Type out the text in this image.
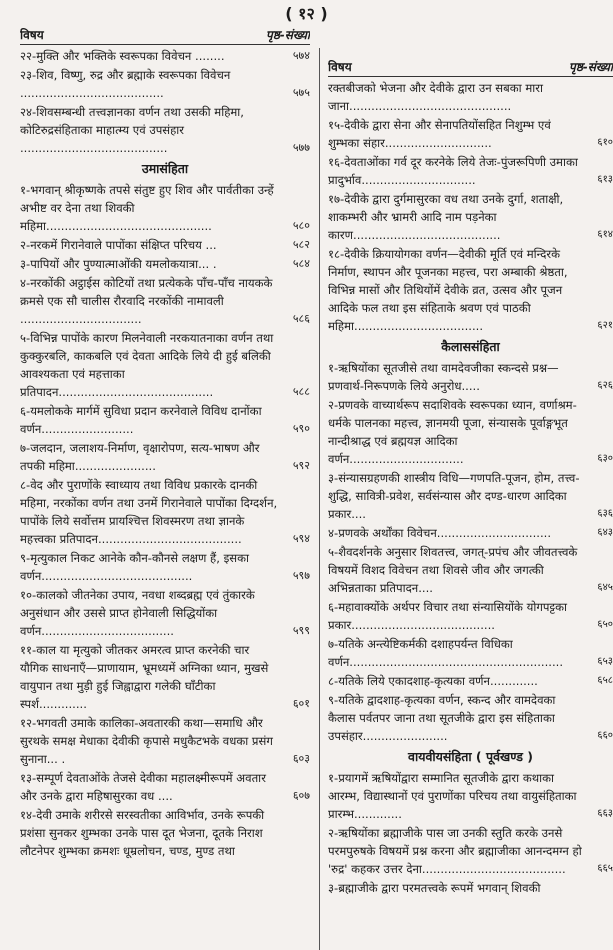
( १२ )
विषय	पृष्ठ-संख्या
२२-मुक्ति और भक्तिके स्वरूपका विवेचन ........	५७४
२३-शिव, विष्णु, रुद्र और ब्रह्माके स्वरूपका विवेचन .......................................	५७५
२४-शिवसम्बन्धी तत्त्वज्ञानका वर्णन तथा उसकी महिमा, कोटिरुद्रसंहिताका माहात्म्य एवं उपसंहार ........................................	५७७
उमासंहिता
१-भगवान् श्रीकृष्णके तपसे संतुष्ट हुए शिव और पार्वतीका उन्हें अभीष्ट वर देना तथा शिवकी महिमा.............................................	५८०
२-नरकमें गिरानेवाले पापोंका संक्षिप्त परिचय ...	५८२
३-पापियों और पुण्यात्माओंकी यमलोकयात्रा... .	५८४
४-नरकोंकी अट्ठाईस कोटियों तथा प्रत्येकके पाँच-पाँच नायकके क्रमसे एक सौ चालीस रौरवादि नरकोंकी नामावली .................................	५८६
५-विभिन्न पापोंके कारण मिलनेवाली नरकयातनाका वर्णन तथा कुक्कुरबलि, काकबलि एवं देवता आदिके लिये दी हुई बलिकी आवश्यकता एवं महत्ताका प्रतिपादन..........................................	५८८
६-यमलोकके मार्गमें सुविधा प्रदान करनेवाले विविध दानोंका वर्णन.........................	५९०
७-जलदान, जलाशय-निर्माण, वृक्षारोपण, सत्य-भाषण और तपकी महिमा......................	५९२
८-वेद और पुराणोंके स्वाध्याय तथा विविध प्रकारके दानकी महिमा, नरकोंका वर्णन तथा उनमें गिरानेवाले पापोंका दिग्दर्शन, पापोंके लिये सर्वोत्तम प्रायश्चित्त शिवस्मरण तथा ज्ञानके महत्त्वका प्रतिपादन.......................................	५९४
९-मृत्युकाल निकट आनेके कौन-कौनसे लक्षण हैं, इसका वर्णन.........................................	५९७
१०-कालको जीतनेका उपाय, नवधा शब्दब्रह्म एवं तुंकारके अनुसंधान और उससे प्राप्त होनेवाली सिद्धियोंका वर्णन....................................	५९९
११-काल या मृत्युको जीतकर अमरत्व प्राप्त करनेकी चार यौगिक साधनाएँ—प्राणायाम, भ्रूमध्यमें अग्निका ध्यान, मुखसे वायुपान तथा मुड़ी हुई जिह्वाद्वारा गलेकी घाँटीका स्पर्श.............	६०१
१२-भगवती उमाके कालिका-अवतारकी कथा—समाधि और सुरथके समक्ष मेधाका देवीकी कृपासे मधुकैटभके वधका प्रसंग सुनाना... .	६०३
१३-सम्पूर्ण देवताओंके तेजसे देवीका महालक्ष्मीरूपमें अवतार और उनके द्वारा महिषासुरका वध ....	६०७
१४-देवी उमाके शरीरसे सरस्वतीका आविर्भाव, उनके रूपकी प्रशंसा सुनकर शुम्भका उनके पास दूत भेजना, दूतके निराश लौटनेपर शुम्भका क्रमशः धूम्रलोचन, चण्ड, मुण्ड तथा
विषय	पृष्ठ-संख्या
रक्तबीजको भेजना और देवीके द्वारा उन सबका मारा जाना............................................
१५-देवीके द्वारा सेना और सेनापतियोंसहित निशुम्भ एवं शुम्भका संहार.............................	६१०
१६-देवताओंका गर्व दूर करनेके लिये तेजः-पुंजरूपिणी उमाका प्रादुर्भाव...............................	६१३
१७-देवीके द्वारा दुर्गमासुरका वध तथा उनके दुर्गा, शताक्षी, शाकम्भरी और भ्रामरी आदि नाम पड़नेका कारण........................................	६१४
१८-देवीके क्रियायोगका वर्णन—देवीकी मूर्ति एवं मन्दिरके निर्माण, स्थापन और पूजनका महत्त्व, परा अम्बाकी श्रेष्ठता, विभिन्न मासों और तिथियोंमें देवीके व्रत, उत्सव और पूजन आदिके फल तथा इस संहिताके श्रवण एवं पाठकी महिमा...................................	६२१
कैलाससंहिता
१-ऋषियोंका सूतजीसे तथा वामदेवजीका स्कन्दसे प्रश्न—प्रणवार्थ-निरूपणके लिये अनुरोध.....	६२६
२-प्रणवके वाच्यार्थरूप सदाशिवके स्वरूपका ध्यान, वर्णाश्रम-धर्मके पालनका महत्त्व, ज्ञानमयी पूजा, संन्यासके पूर्वाङ्गभूत नान्दीश्राद्ध एवं ब्रह्मयज्ञ आदिका वर्णन...............................	६३०
३-संन्यासग्रहणकी शास्त्रीय विधि—गणपति-पूजन, होम, तत्त्व-शुद्धि, सावित्री-प्रवेश, सर्वसंन्यास और दण्ड-धारण आदिका प्रकार....	६३६
४-प्रणवके अर्थोंका विवेचन...............................	६४३
५-शैवदर्शनके अनुसार शिवतत्त्व, जगत्-प्रपंच और जीवतत्त्वके विषयमें विशद विवेचन तथा शिवसे जीव और जगत्की अभिन्नताका प्रतिपादन....	६४५
६-महावाक्योंके अर्थपर विचार तथा संन्यासियोंके योगपट्टका प्रकार.......................................	६५०
७-यतिके अन्त्येष्टिकर्मकी दशाहपर्यन्त विधिका वर्णन..........................................................	६५३
८-यतिके लिये एकादशाह-कृत्यका वर्णन.............	६५८
९-यतिके द्वादशाह-कृत्यका वर्णन, स्कन्द और वामदेवका कैलास पर्वतपर जाना तथा सूतजीके द्वारा इस संहिताका उपसंहार.......................	६६०
वायवीयसंहिता ( पूर्वखण्ड )
१-प्रयागमें ऋषियोंद्वारा सम्मानित सूतजीके द्वारा कथाका आरम्भ, विद्यास्थानों एवं पुराणोंका परिचय तथा वायुसंहिताका प्रारम्भ.............	६६३
२-ऋषियोंका ब्रह्माजीके पास जा उनकी स्तुति करके उनसे परमपुरुषके विषयमें प्रश्न करना और ब्रह्माजीका आनन्दमग्न हो 'रुद्र' कहकर उत्तर देना.......................................	६६५
३-ब्रह्माजीके द्वारा परमतत्त्वके रूपमें भगवान् शिवकी
